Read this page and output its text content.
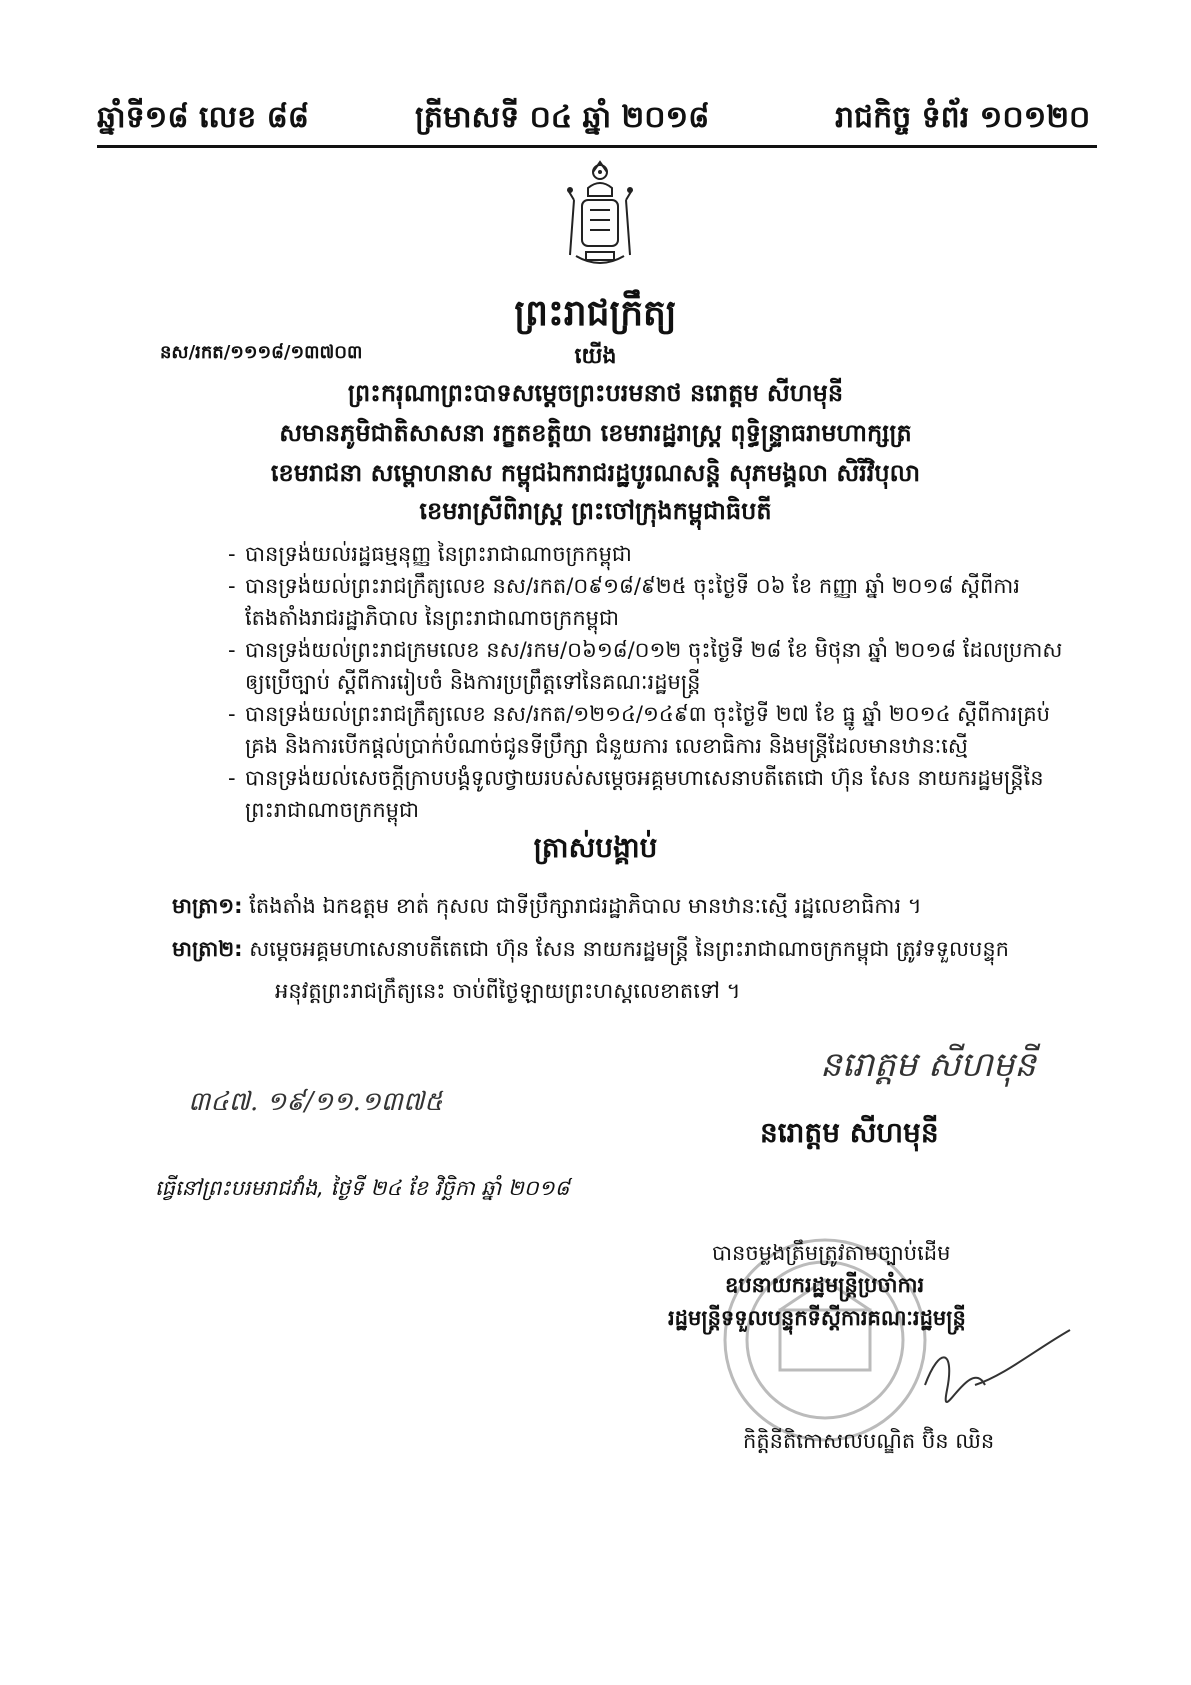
ឆ្នាំទី១៨ លេខ ៨៨	ត្រីមាសទី ០៤ ឆ្នាំ ២០១៨	រាជកិច្ច ទំព័រ ១០១២០
ព្រះរាជក្រឹត្យ
នស/រកត/១១១៨/១៣៧០៣	យើង
ព្រះករុណាព្រះបាទសម្តេចព្រះបរមនាថ នរោត្តម សីហមុនី
សមានភូមិជាតិសាសនា រក្ខតខត្តិយា ខេមរារដ្ឋរាស្ត្រ ពុទ្ធិន្ទ្រាធរាមហាក្សត្រ
ខេមរាជនា សម្ពោហនាស កម្ពុជឯករាជរដ្ឋបូរណសន្តិ សុភមង្គលា សិរីវិបុលា
ខេមរាស្រីពិរាស្ត្រ ព្រះចៅក្រុងកម្ពុជាធិបតី
- បានទ្រង់យល់រដ្ឋធម្មនុញ្ញ នៃព្រះរាជាណាចក្រកម្ពុជា
- បានទ្រង់យល់ព្រះរាជក្រឹត្យលេខ នស/រកត/០៩១៨/៩២៥ ចុះថ្ងៃទី ០៦ ខែ កញ្ញា ឆ្នាំ ២០១៨ ស្តីពីការតែងតាំងរាជរដ្ឋាភិបាល នៃព្រះរាជាណាចក្រកម្ពុជា
- បានទ្រង់យល់ព្រះរាជក្រមលេខ នស/រកម/០៦១៨/០១២ ចុះថ្ងៃទី ២៨ ខែ មិថុនា ឆ្នាំ ២០១៨ ដែលប្រកាសឲ្យប្រើច្បាប់ ស្តីពីការរៀបចំ និងការប្រព្រឹត្តទៅនៃគណៈរដ្ឋមន្ត្រី
- បានទ្រង់យល់ព្រះរាជក្រឹត្យលេខ នស/រកត/១២១៤/១៤៩៣ ចុះថ្ងៃទី ២៧ ខែ ធ្នូ ឆ្នាំ ២០១៤ ស្តីពីការគ្រប់គ្រង និងការបើកផ្តល់ប្រាក់បំណាច់ជូនទីប្រឹក្សា ជំនួយការ លេខាធិការ និងមន្ត្រីដែលមានឋានៈស្មើ
- បានទ្រង់យល់សេចក្តីក្រាបបង្គំទូលថ្វាយរបស់សម្តេចអគ្គមហាសេនាបតីតេជោ ហ៊ុន សែន នាយករដ្ឋមន្ត្រីនៃព្រះរាជាណាចក្រកម្ពុជា
ត្រាស់បង្គាប់
មាត្រា១: តែងតាំង ឯកឧត្តម ខាត់ កុសល ជាទីប្រឹក្សារាជរដ្ឋាភិបាល មានឋានៈស្មើ រដ្ឋលេខាធិការ ។
មាត្រា២: សម្តេចអគ្គមហាសេនាបតីតេជោ ហ៊ុន សែន នាយករដ្ឋមន្ត្រី នៃព្រះរាជាណាចក្រកម្ពុជា ត្រូវទទួលបន្ទុក
អនុវត្តព្រះរាជក្រឹត្យនេះ ចាប់ពីថ្ងៃឡាយព្រះហស្តលេខាតទៅ ។
៣៤៧. ១៩/១១.១៣៧៥
នរោត្តម សីហមុនី
នរោត្តម សីហមុនី
ធ្វើនៅព្រះបរមរាជវាំង, ថ្ងៃទី ២៤ ខែ វិច្ឆិកា ឆ្នាំ ២០១៨
បានចម្លងត្រឹមត្រូវតាមច្បាប់ដើម
ឧបនាយករដ្ឋមន្ត្រីប្រចាំការ
រដ្ឋមន្ត្រីទទួលបន្ទុកទីស្តីការគណៈរដ្ឋមន្ត្រី
កិត្តិនីតិកោសលបណ្ឌិត ប៊ិន ឈិន
